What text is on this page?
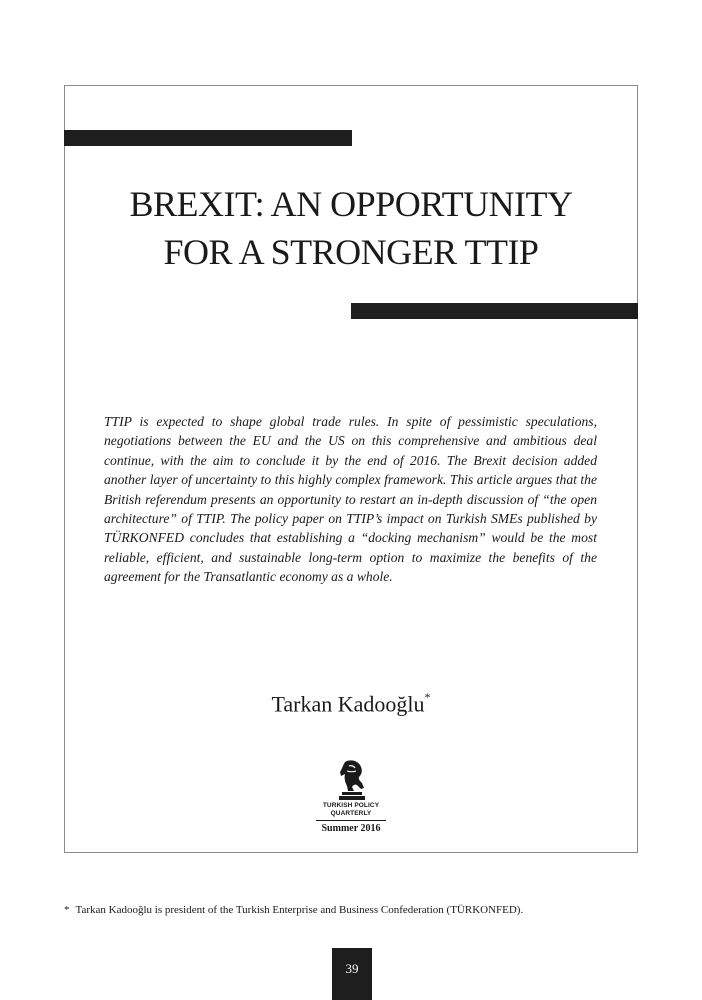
BREXIT: AN OPPORTUNITY
FOR A STRONGER TTIP

TTIP is expected to shape global trade rules. In spite of pessimistic speculations, negotiations between the EU and the US on this comprehensive and ambitious deal continue, with the aim to conclude it by the end of 2016. The Brexit decision added another layer of uncertainty to this highly complex framework. This article argues that the British referendum presents an opportunity to restart an in-depth discussion of “the open architecture” of TTIP. The policy paper on TTIP’s impact on Turkish SMEs published by TÜRKONFED concludes that establishing a “docking mechanism” would be the most reliable, efficient, and sustainable long-term option to maximize the benefits of the agreement for the Transatlantic economy as a whole.

Tarkan Kadooğlu*
TURKISH POLICY
QUARTERLY
Summer 2016
* Tarkan Kadooğlu is president of the Turkish Enterprise and Business Confederation (TÜRKONFED).
39
